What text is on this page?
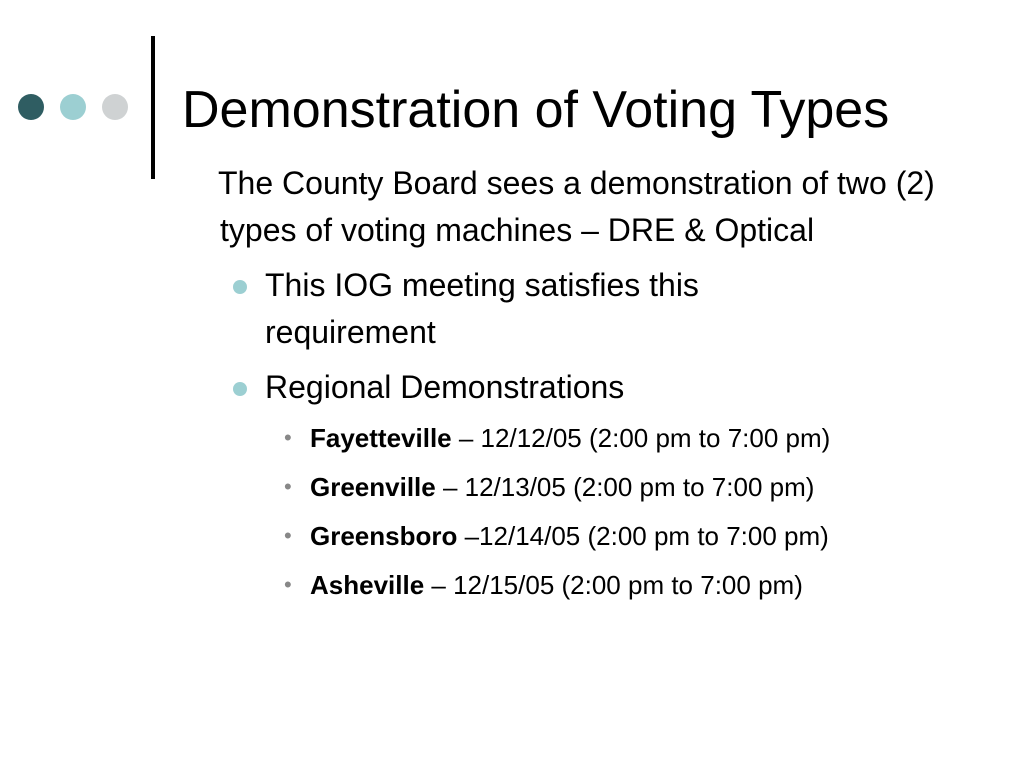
Demonstration of Voting Types

The County Board sees a demonstration of two (2) types of voting machines – DRE & Optical

This IOG meeting satisfies this requirement
Regional Demonstrations
• Fayetteville – 12/12/05 (2:00 pm to 7:00 pm)
• Greenville – 12/13/05 (2:00 pm to 7:00 pm)
• Greensboro –12/14/05 (2:00 pm to 7:00 pm)
• Asheville – 12/15/05 (2:00 pm to 7:00 pm)
